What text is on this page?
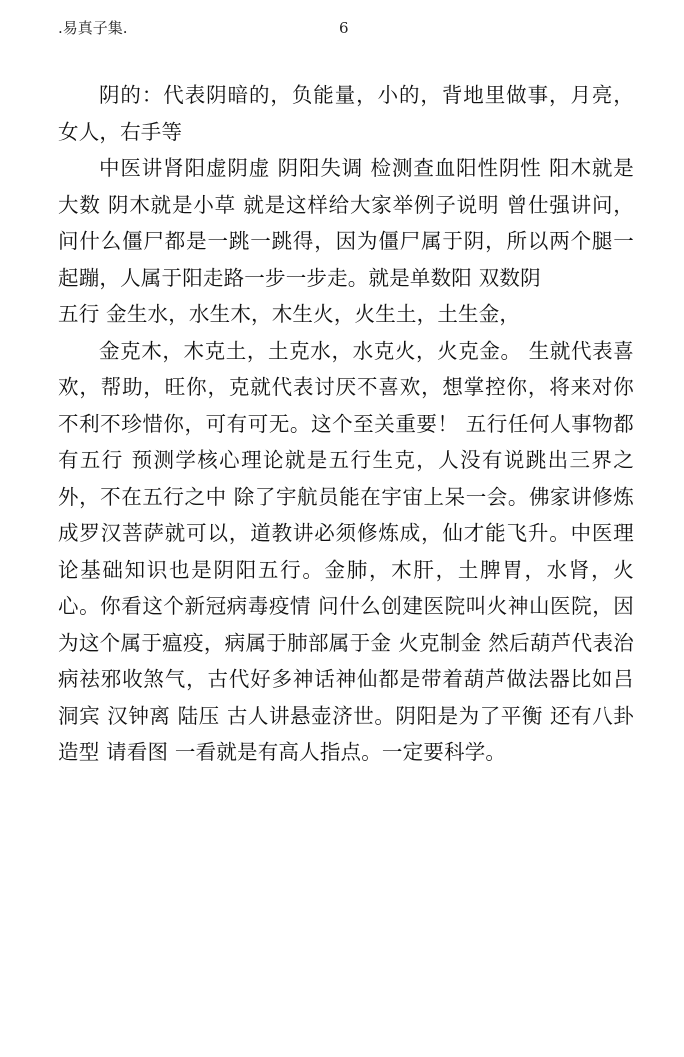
.易真子集.	6

阴的：代表阴暗的，负能量，小的，背地里做事，月亮，女人，右手等

中医讲肾阳虚阴虚 阴阳失调 检测查血阳性阴性 阳木就是大数 阴木就是小草 就是这样给大家举例子说明 曾仕强讲问，问什么僵尸都是一跳一跳得，因为僵尸属于阴，所以两个腿一起蹦，人属于阳走路一步一步走。就是单数阳 双数阴

五行 金生水，水生木，木生火，火生土，土生金，

金克木，木克土，土克水，水克火，火克金。 生就代表喜欢，帮助，旺你，克就代表讨厌不喜欢，想掌控你，将来对你不利不珍惜你，可有可无。这个至关重要！ 五行任何人事物都有五行 预测学核心理论就是五行生克，人没有说跳出三界之外，不在五行之中 除了宇航员能在宇宙上呆一会。佛家讲修炼成罗汉菩萨就可以，道教讲必须修炼成，仙才能飞升。中医理论基础知识也是阴阳五行。金肺，木肝，土脾胃，水肾，火心。你看这个新冠病毒疫情 问什么创建医院叫火神山医院，因为这个属于瘟疫，病属于肺部属于金 火克制金 然后葫芦代表治病祛邪收煞气，古代好多神话神仙都是带着葫芦做法器比如吕洞宾 汉钟离 陆压 古人讲悬壶济世。阴阳是为了平衡 还有八卦造型 请看图 一看就是有高人指点。一定要科学。
